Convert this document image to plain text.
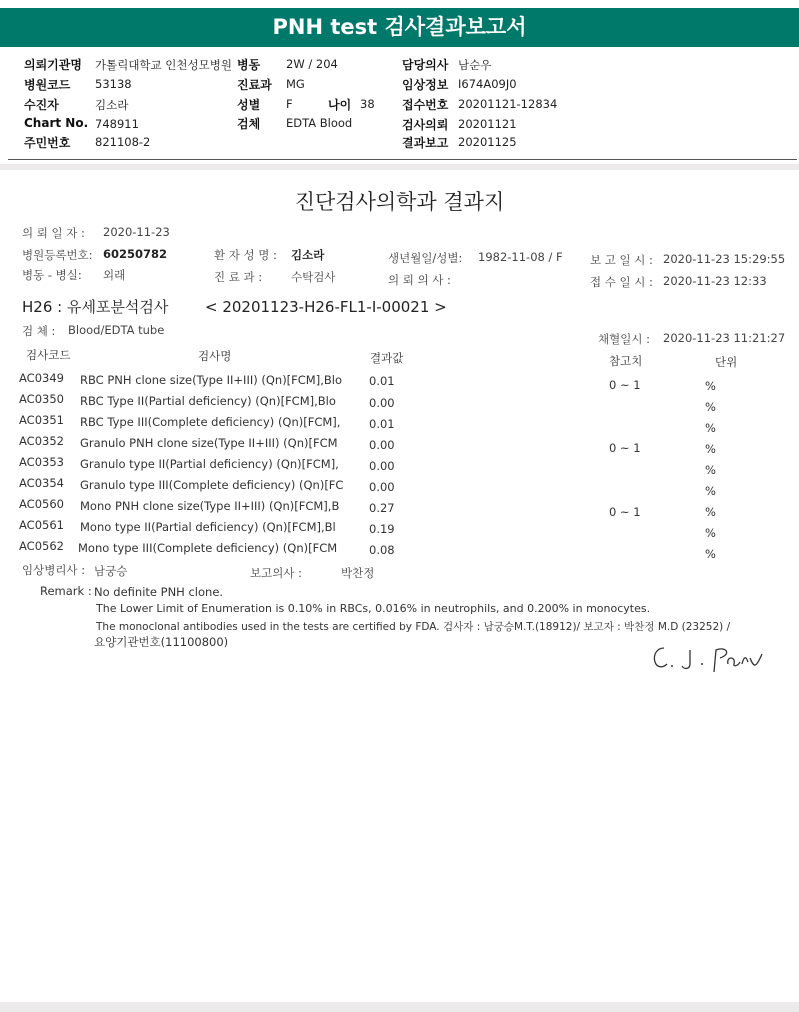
PNH test 검사결과보고서
의뢰기관명 가톨릭대학교 인천성모병원 병동 2W / 204	담당의사 남순우
병원코드 53138	진료과 MG	임상정보 I674A09J0
수진자	김소라	성별 F	나이 38 접수번호 20201121-12834
Chart No. 748911	검체 EDTA Blood	검사의뢰 20201121
주민번호 821108-2	결과보고 20201125
진단검사의학과 결과지
의 뢰 일 자 : 2020-11-23
병원등록번호: 60250782	환 자 성 명 : 김소라	생년월일/성별: 1982-11-08 / F 보 고 일 시 : 2020-11-23 15:29:55
병동 - 병실: 외래	진 료 과 :	수탁검사	의 뢰 의 사 :	접 수 일 시 : 2020-11-23 12:33
H26 : 유세포분석검사 < 20201123-H26-FL1-I-00021 >
검 체 : Blood/EDTA tube
채혈일시 : 2020-11-23 11:21:27
검사코드	검사명	결과값	참고치	단위
AC0349 RBC PNH clone size(Type II+III) (Qn)[FCM],Blo 0.01	0 ~ 1	%
AC0350 RBC Type II(Partial deficiency) (Qn)[FCM],Blo	0.00	%
AC0351 RBC Type III(Complete deficiency) (Qn)[FCM], 0.01	%
AC0352 Granulo PNH clone size(Type II+III) (Qn)[FCM	0.00	0 ~ 1	%
AC0353 Granulo type II(Partial deficiency) (Qn)[FCM],	0.00	%
AC0354 Granulo type III(Complete deficiency) (Qn)[FC 0.00	%
AC0560 Mono PNH clone size(Type II+III) (Qn)[FCM],B	0.27	0 ~ 1	%
AC0561 Mono type II(Partial deficiency) (Qn)[FCM],Bl	0.19	%
AC0562 Mono type III(Complete deficiency) (Qn)[FCM	0.08	%
임상병리사 : 남궁승	보고의사 :	박찬정
Remark : No definite PNH clone.
The Lower Limit of Enumeration is 0.10% in RBCs, 0.016% in neutrophils, and 0.200% in monocytes.
The monoclonal antibodies used in the tests are certified by FDA. 검사자 : 남궁승M.T.(18912)/ 보고자 : 박찬정 M.D (23252) /
요양기관번호(11100800)
